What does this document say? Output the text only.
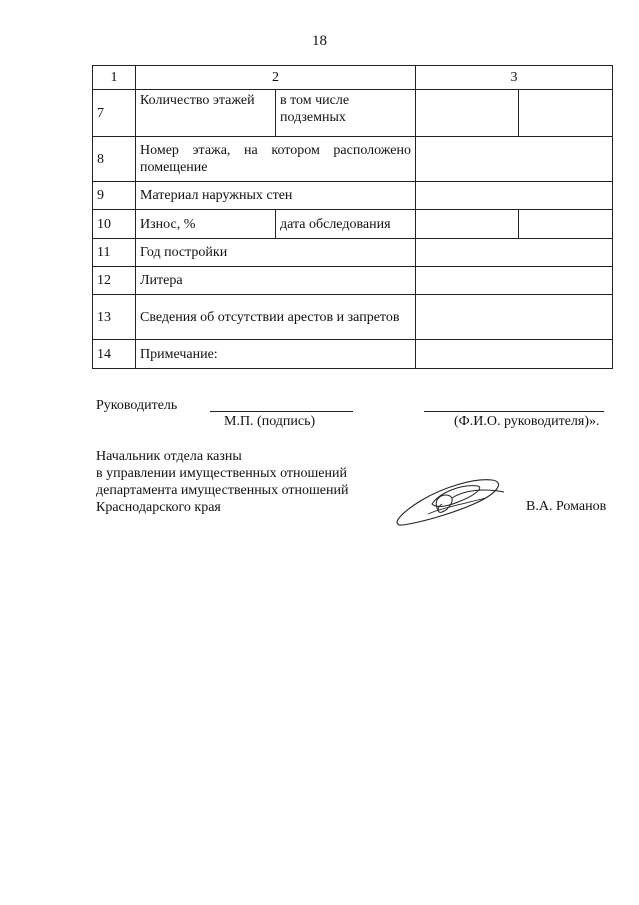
18
1	2		3	
7	Количество этажей	в том числе подземных		
8	Номер этажа, на котором расположено помещение			
9	Материал наружных стен			
10	Износ, %	дата обследования		
11	Год постройки			
12	Литера			
13	Сведения об отсутствии арестов и запретов			
14	Примечание:			
Руководитель
М.П. (подпись)	(Ф.И.О. руководителя)».
Начальник отдела казны
в управлении имущественных отношений
департамента имущественных отношений
Краснодарского края	В.А. Романов
